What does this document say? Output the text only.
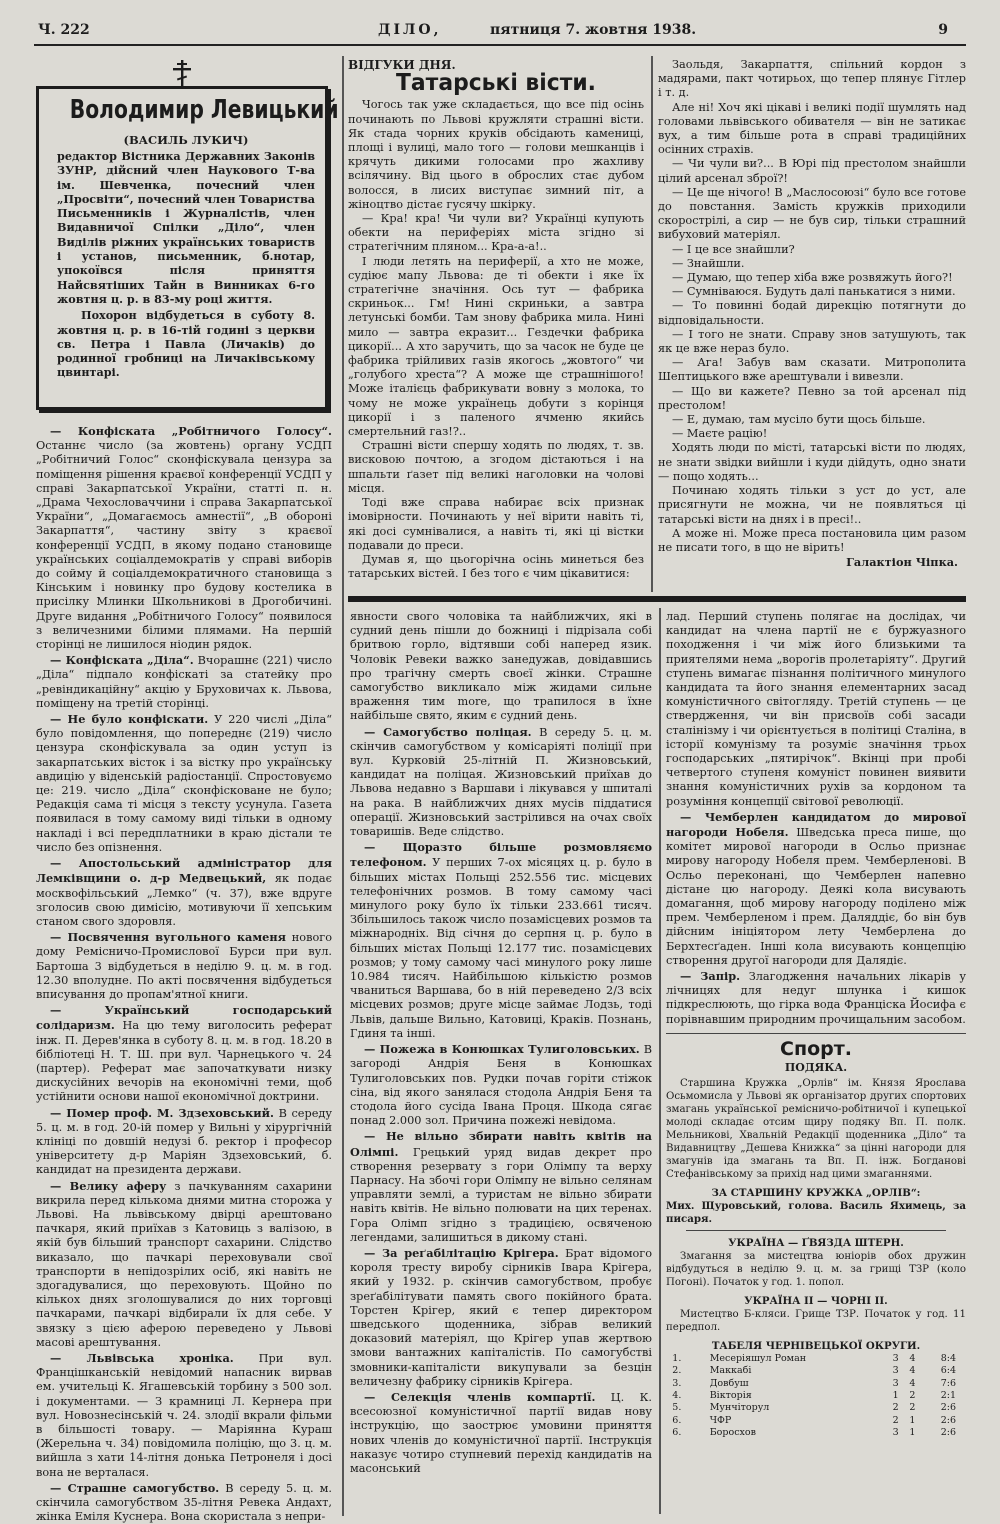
Ч. 222	ДІЛО,	пятниця 7. жовтня 1938.	9
Володимир Левицький
(ВАСИЛЬ ЛУКИЧ)
редактор Вістника Державних Законів ЗУНР, дійсний член Наукового Т-ва ім. Шевченка, почесний член „Просвіти“, почесний член Товариства Письменників і Журналістів, член Видавничої Спілки „Діло“, член Виділів ріжних українських товариств і установ, письменник, б.нотар, упокоївся після приняття Найсвятіших Тайн в Винниках 6-го жовтня ц. р. в 83-му році життя.
Похорон відбудеться в суботу 8. жовтня ц. р. в 16-тій годині з церкви св. Петра і Павла (Личаків) до родинної гробниці на Личаківському цвинтарі.

— Конфіската „Робітничого Голосу“. Останнє число (за жовтень) органу УСДП „Робітничий Голос“ сконфіскувала цензура за поміщення рішення краєвої конференції УСДП у справі Закарпатської України, статті п. н. „Драма Чехословаччини і справа Закарпатської України“, „Домагаємось амнестії“, „В обороні Закарпаття“, частину звіту з краєвої конференції УСДП, в якому подано становище українських соціалдемократів у справі виборів до сойму й соціалдемократичного становища з Кінським і новинку про будову костелика в присілку Млинки Школьникові в Дрогобичині. Друге видання „Робітничого Голосу“ появилося з величезними білими плямами. На першій сторінці не лишилося ніодин рядок.

— Конфіската „Діла“. Вчорашнє (221) число „Діла“ підпало конфіскаті за статейку про „ревіндикаційну“ акцію у Бруховичах к. Львова, поміщену на третій сторінці.

— Не було конфіскати. У 220 числі „Діла“ було повідомлення, що попереднє (219) число цензура сконфіскувала за один уступ із закарпатських вісток і за вістку про українську авдицію у віденській радіостанції. Спростовуємо це: 219. число „Діла“ сконфісковане не було; Редакція сама ті місця з тексту усунула. Газета появилася в тому самому виді тільки в одному накладі і всі передплатники в краю дістали те число без опізнення.

— Апостольський адміністратор для Лемківщини о. д-р Медвецький, як подає москвофільський „Лемко“ (ч. 37), вже вдруге зголосив свою димісію, мотивуючи її хепським станом свого здоровля.

— Посвячення вугольного каменя нового дому Ремісничо-Промислової Бурси при вул. Бартоша 3 відбудеться в неділю 9. ц. м. в год. 12.30 вполудне. По акті посвячення відбудеться вписування до пропам'ятної книги.

— Український господарський солідаризм. На цю тему виголосить реферат інж. П. Дерев'янка в суботу 8. ц. м. в год. 18.20 в бібліотеці Н. Т. Ш. при вул. Чарнецького ч. 24 (партер). Реферат має започаткувати низку дискусійних вечорів на економічні теми, щоб устійнити основи нашої економічної доктрини.

— Помер проф. М. Здзеховський. В середу 5. ц. м. в год. 20-ій помер у Вильні у хірургічній клініці по довшій недузі б. ректор і професор університету д-р Маріян Здзеховський, б. кандидат на президента держави.

— Велику аферу з пачкуванням сахарини викрила перед кількома днями митна сторожа у Львові. На львівському двірці арештовано пачкаря, який приїхав з Катовиць з валізою, в якій був більший транспорт сахарини. Слідство виказало, що пачкарі переховували свої транспорти в непідозрілих осіб, які навіть не здогадувалися, що переховують. Щойно по кількох днях зголошувалися до них торговці пачкарами, пачкарі відбирали їх для себе. У звязку з цією аферою переведено у Львові масові арештування.

— Львівська хроніка. При вул. Францішканській невідомий напасник вирвав ем. учительці К. Ягашевській торбину з 500 зол. і документами. — З крамниці Л. Кернера при вул. Новознесінській ч. 24. злодії вкрали фільми в більшості товару. — Маріянна Кураш (Жерельна ч. 34) повідомила поліцію, що 3. ц. м. вийшла з хати 14-літня донька Петронеля і досі вона не верталася.

— Страшне самогубство. В середу 5. ц. м. скінчила самогубством 35-літня Ревека Андахт, жінка Еміля Куснера. Вона скористала з непри-

ВІДГУКИ ДНЯ.
Татарські вісти.

Чогось так уже складається, що все під осінь починають по Львові кружляти страшні вісти. Як стада чорних круків обсідають камениці, площі і вулиці, мало того — голови мешканців і крячуть дикими голосами про жахливу всілячину. Від цього в обрoслих стає дубом волосся, в лисих виступає зимний піт, а жіноцтво дістає гусячу шкірку.

— Кра! кра! Чи чули ви? Українці купують обекти на периферіях міста згідно зі стратегічним пляном... Кра-а-а!..

І люди летять на периферії, а хто не може, судіює мапу Львова: де ті обекти і яке їх стратегічне значіння. Ось тут — фабрика скриньок... Гм! Нині скриньки, а завтра летунські бомби. Там знову фабрика мила. Нині мило — завтра екразит... Гездечки фабрика цикорії... А хто заручить, що за часок не буде це фабрика трійливих газів якогось „жовтого“ чи „голубого хреста“? А може ще страшнішого! Може італієць фабрикувати вовну з молока, то чому не може українець добути з корінця цикорії і з паленого ячменю якийсь смертельний газ!?..

Страшні вісти спершу ходять по людях, т. зв. висковою почтою, а згодом дістаються і на шпальти ґазет під великі наголовки на чолові місця.

Тоді вже справа набирає всіх признак імовірности. Починають у неї вірити навіть ті, які досі сумнівалися, а навіть ті, які ці вістки подавали до преси.

Думав я, що цьогорічна осінь минеться без татарських вістей. І без того є чим цікавитися:

Заольдя, Закарпаття, спільний кордон з мадярами, пакт чотирьох, що тепер плянує Гітлер і т. д.

Але ні! Хоч які цікаві і великі події шумлять над головами львівського обивателя — він не затикає вух, а тим більше рота в справі традиційних осінних страхів.

— Чи чули ви?... В Юрі під престолом знайшли цілий арсенал зброї?!

— Це ще нічого! В „Маслосоюзі“ було все готове до повстання. Замість кружків приходили скорострілі, а сир — не був сир, тільки страшний вибуховий матеріял.

— І це все знайшли?

— Знайшли.

— Думаю, що тепер хіба вже розвяжуть його?!

— Сумніваюся. Будуть далі панькатися з ними.

— То повинні бодай дирекцію потягнути до відповідальности.

— І того не знати. Справу знов затушують, так як це вже нераз було.

— Ага! Забув вам сказати. Митрополита Шептицького вже арештували і вивезли.

— Що ви кажете? Певно за той арсенал під престолом!

— Е, думаю, там мусіло бути щось більше.

— Маєте рацію!

Ходять люди по місті, татарські вісти по людях, не знати звідки вийшли і куди дійдуть, одно знати — пощо ходять...

Починаю ходять тільки з уст до уст, але присягнути не можна, чи не появляться ці татарські вісти на днях і в пресі!..

А може ні. Може преса постановила цим разом не писати того, в що не вірить!

Галактіон Чіпка.

явности свого чоловіка та найближчих, які в судний день пішли до божниці і підрізала собі бритвою горло, відтявши собі наперед язик. Чоловік Ревеки важко занедужав, довідавшись про трагічну смерть своєї жінки. Страшне самогубство викликало між жидами сильне враження тим more, що трапилося в їхне найбільше свято, яким є судний день.

— Самогубство поліцая. В середу 5. ц. м. скінчив самогубством у комісаріяті поліції при вул. Курковій 25-літній П. Жизновський, кандидат на поліцая. Жизновський приїхав до Львова недавно з Варшави і лікувався у шпиталі на рака. В найближчих днях мусів піддатися операції. Жизновський застрілився на очах своїх товаришів. Веде слідство.

— Щоразто більше розмовляємо телефоном. У перших 7-ох місяцях ц. р. було в більших містах Польщі 252.556 тис. місцевих телефонічних розмов. В тому самому часі минулого року було їх тільки 233.661 тисяч. Збільшилось також число позамісцевих розмов та міжнародніх. Від січня до серпня ц. р. було в більших містах Польщі 12.177 тис. позамісцевих розмов; у тому самому часі минулого року лише 10.984 тисяч. Найбільшою кількістю розмов чваниться Варшава, бо в ній переведено 2/3 всіх місцевих розмов; друге місце займає Лодзь, тоді Львів, дальше Вильно, Катовиці, Краків. Познань, Гдиня та інші.

— Пожежа в Конюшках Тулиголовських. В загороді Андрія Беня в Конюшках Тулиголовських пов. Рудки почав горіти стіжок сіна, від якого занялася стодола Андрія Беня та стодола його сусіда Івана Проця. Шкода сягає понад 2.000 зол. Причина пожежі невідома.

— Не вільно збирати навіть квітів на Олімпі. Грецький уряд видав декрет про створення резервату з гори Олімпу та верху Парнасу. На збочі гори Олімпу не вільно селянам управляти землі, а туристам не вільно збирати навіть квітів. Не вільно полювати на цих теренах. Гора Олімп згідно з традицією, освяченою легендами, залишиться в дикому стані.

— За реґабілітацію Крігера. Брат відомого короля тресту виробу сірників Івара Крігера, який у 1932. р. скінчив самогубством, пробує зреґабілітувати память свого покійного брата. Торстен Крігер, який є тепер директором шведського щоденника, зібрав великий доказовий матеріял, що Крігер упав жертвою змови вантажних капіталістів. По самогубстві змовники-капіталісти викупували за безцін величезну фабрику сірників Крігера.

— Селекція членів компартії. Ц. К. всесоюзної комуністичної партії видав нову інструкцію, що заострює умовини приняття нових членів до комуністичної партії. Інструкція наказує чотиро ступневий перехід кандидатів на масонський

лад. Перший ступень полягає на дослідах, чи кандидат на члена партії не є буржуазного походження і чи між його близькими та приятелями нема „ворогів пролетаріяту“. Другий ступень вимагає пізнання політичного минулого кандидата та його знання елементарних засад комуністичного світогляду. Третій ступень — це ствердження, чи він присвоїв собі засади сталінізму і чи орієнтується в політиці Сталіна, в історії комунізму та розуміє значіння трьох господарських „пятирічок“. Вкінці при пробі четвертого ступеня комуніст повинен виявити знання комуністичних рухів за кордоном та розуміння концепції світової революції.

— Чемберлен кандидатом до мирової нагороди Нобеля. Шведська преса пише, що комітет мирової нагороди в Осльо признає мирову нагороду Нобеля прем. Чемберленові. В Осльо переконані, що Чемберлен напевно дістане цю нагороду. Деякі кола висувають домагання, щоб мирову нагороду поділено між прем. Чемберленом і прем. Даляддіє, бо він був дійсним ініціятором лету Чемберлена до Берхтесґаден. Інші кола висувають концепцію створення другої нагороди для Далядіє.

— Запір. Злагодження начальних лікарів у лічницях для недуг шлунка і кишок підкреслюють, що гірка вода Франціска Йосифа є порівнавшим природним прочищальним засобом.

Спорт.
ПОДЯКА.

Старшина Кружка „Орлів“ ім. Князя Ярослава Осьмомисла у Львові як організатор других спортових змагань української ремісничо-робітничої і купецької молоді складає отсим щиру подяку Вп. П. полк. Мельниковi, Хвальній Редакції щоденника „Діло“ та Видавництву „Дешева Книжка“ за цінні нагороди для змагунів ідa змагань та Вп. П. інж. Богданові Стефанівському за прихід над цими змаганнями.

ЗА СТАРШИНУ КРУЖКА „ОРЛІВ“:
Мих. Щуровський, голова. Василь Яхимець, за писаря.
УКРАЇНА — ҐВЯЗДА ШТЕРН.

Змагання за мистецтва юніорів обох дружин відбудуться в неділю 9. ц. м. за грищі ТЗР (коло Погоні). Початок у год. 1. попол.

УКРАЇНА II — ЧОРНІ II.

Мистецтво Б-кляси. Грище ТЗР. Початок у год. 11 передпол.

ТАБЕЛЯ ЧЕРНІВЕЦЬКОЇ ОКРУГИ.
1.	Месеріяшул Роман	3	4	8:4
2.	Маккабі	3	4	6:4
3.	Довбуш	3	4	7:6
4.	Вікторія	1	2	2:1
5.	Мунчіторул	2	2	2:6
6.	ЧФР	2	1	2:6
6.	Боросхов	3	1	2:6
